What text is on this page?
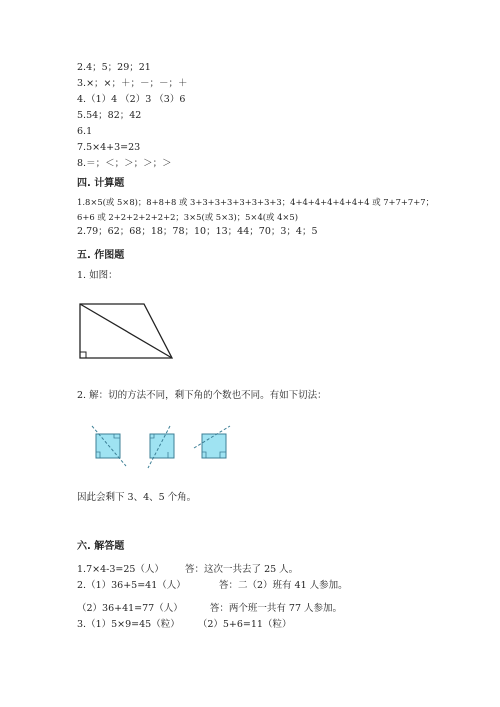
2.4；5；29；21
3.×；×；＋；－；－；＋
4.（1）4 （2）3 （3）6
5.54；82；42
6.1
7.5×4+3=23
8.＝；＜；＞；＞；＞
四. 计算题
1.8×5(或 5×8)；8+8+8 或 3+3+3+3+3+3+3+3；4+4+4+4+4+4+4 或 7+7+7+7；
6+6 或 2+2+2+2+2+2；3×5(或 5×3)；5×4(或 4×5)
2.79；62；68；18；78；10；13；44；70；3；4；5
五. 作图题
1. 如图：
2. 解：切的方法不同，剩下角的个数也不同。有如下切法：
因此会剩下 3、4、5 个角。
六. 解答题
1.7×4-3=25（人）       答：这次一共去了 25 人。
2.（1）36+5=41（人）           答：二（2）班有 41 人参加。
（2）36+41=77（人）         答：两个班一共有 77 人参加。
3.（1）5×9=45（粒）      （2）5+6=11（粒）
